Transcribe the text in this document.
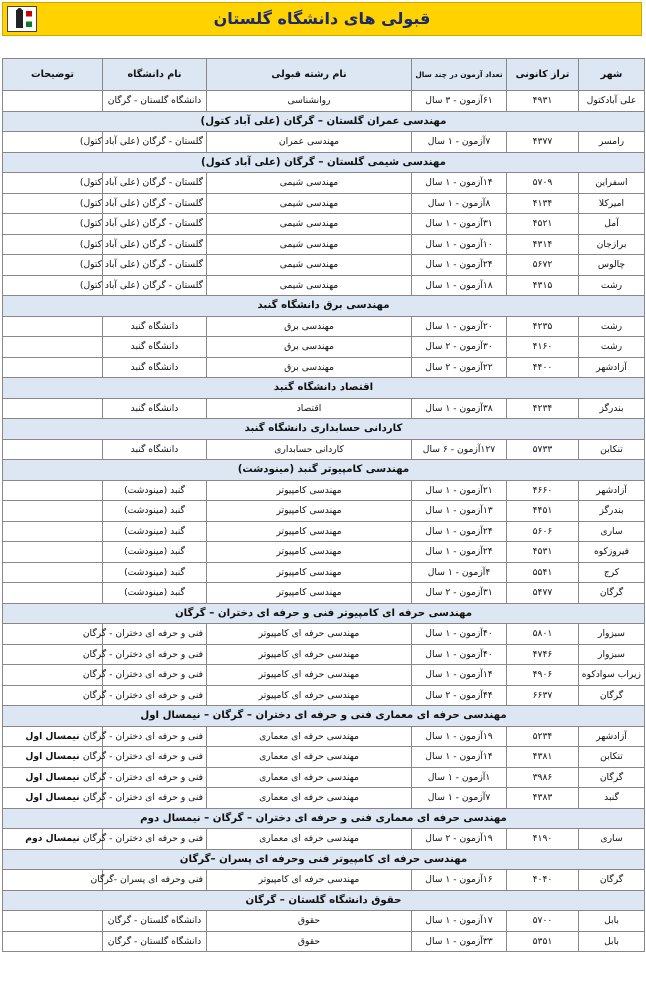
قبولی های دانشگاه گلستان
شهر	تراز کانونی	تعداد آزمون در چند سال	نام رشته قبولی	نام دانشگاه	توضیحات
علی آبادکتول	۴۹۳۱	۶۱آزمون - ۳ سال	روانشناسی	دانشگاه گلستان - گرگان	
مهندسی عمران گلستان – گرگان (علی آباد کتول)					
رامسر	۴۳۷۷	۷آزمون - ۱ سال	مهندسی عمران	گلستان - گرگان (علی آباد کتول)	
مهندسی شیمی گلستان – گرگان (علی آباد کتول)					
اسفراین	۵۷۰۹	۱۴آزمون - ۱ سال	مهندسی شیمی	گلستان - گرگان (علی آباد کتول)	
امیرکلا	۴۱۳۴	۸آزمون - ۱ سال	مهندسی شیمی	گلستان - گرگان (علی آباد کتول)	
آمل	۴۵۲۱	۳۱آزمون - ۱ سال	مهندسی شیمی	گلستان - گرگان (علی آباد کتول)	
برازجان	۴۳۱۴	۱۰آزمون - ۱ سال	مهندسی شیمی	گلستان - گرگان (علی آباد کتول)	
چالوس	۵۶۷۲	۲۴آزمون - ۱ سال	مهندسی شیمی	گلستان - گرگان (علی آباد کتول)	
رشت	۴۳۱۵	۱۸آزمون - ۱ سال	مهندسی شیمی	گلستان - گرگان (علی آباد کتول)	
مهندسی برق دانشگاه گنبد					
رشت	۴۲۳۵	۲۰آزمون - ۱ سال	مهندسی برق	دانشگاه گنبد	
رشت	۴۱۶۰	۳۰آزمون - ۲ سال	مهندسی برق	دانشگاه گنبد	
آزادشهر	۴۴۰۰	۲۲آزمون - ۲ سال	مهندسی برق	دانشگاه گنبد	
اقتصاد دانشگاه گنبد					
بندرگز	۴۲۳۴	۳۸آزمون - ۱ سال	اقتصاد	دانشگاه گنبد	
کاردانی حسابداری دانشگاه گنبد					
تنکابن	۵۷۳۳	۱۲۷آزمون - ۶ سال	کاردانی حسابداری	دانشگاه گنبد	
مهندسی کامپیوتر گنبد (مینودشت)					
آزادشهر	۴۶۶۰	۲۱آزمون - ۱ سال	مهندسی کامپیوتر	گنبد (مینودشت)	
بندرگز	۴۴۵۱	۱۳آزمون - ۱ سال	مهندسی کامپیوتر	گنبد (مینودشت)	
ساری	۵۶۰۶	۲۴آزمون - ۱ سال	مهندسی کامپیوتر	گنبد (مینودشت)	
فیروزکوه	۴۵۳۱	۲۴آزمون - ۱ سال	مهندسی کامپیوتر	گنبد (مینودشت)	
کرج	۵۵۴۱	۴آزمون - ۱ سال	مهندسی کامپیوتر	گنبد (مینودشت)	
گرگان	۵۴۷۷	۳۱آزمون - ۲ سال	مهندسی کامپیوتر	گنبد (مینودشت)	
مهندسی حرفه ای کامپیوتر فنی و حرفه ای دختران – گرگان					
سبزوار	۵۸۰۱	۴۰آزمون - ۱ سال	مهندسی حرفه ای کامپیوتر	فنی و حرفه ای دختران - گرگان	
سبزوار	۴۷۴۶	۴۰آزمون - ۱ سال	مهندسی حرفه ای کامپیوتر	فنی و حرفه ای دختران - گرگان	
زیراب سوادکوه	۴۹۰۶	۱۴آزمون - ۱ سال	مهندسی حرفه ای کامپیوتر	فنی و حرفه ای دختران - گرگان	
گرگان	۶۶۳۷	۴۴آزمون - ۲ سال	مهندسی حرفه ای کامپیوتر	فنی و حرفه ای دختران - گرگان	
مهندسی حرفه ای معماری فنی و حرفه ای دختران – گرگان – نیمسال اول					
آزادشهر	۵۲۳۴	۱۹آزمون - ۱ سال	مهندسی حرفه ای معماری	فنی و حرفه ای دختران - گرگان	نیمسال اول
تنکابن	۴۳۸۱	۱۴آزمون - ۱ سال	مهندسی حرفه ای معماری	فنی و حرفه ای دختران - گرگان	نیمسال اول
گرگان	۳۹۸۶	۱آزمون - ۱ سال	مهندسی حرفه ای معماری	فنی و حرفه ای دختران - گرگان	نیمسال اول
گنبد	۴۳۸۳	۷آزمون - ۱ سال	مهندسی حرفه ای معماری	فنی و حرفه ای دختران - گرگان	نیمسال اول
مهندسی حرفه ای معماری فنی و حرفه ای دختران – گرگان – نیمسال دوم					
ساری	۴۱۹۰	۱۹آزمون - ۲ سال	مهندسی حرفه ای معماری	فنی و حرفه ای دختران - گرگان	نیمسال دوم
مهندسی حرفه ای کامپیوتر فنی وحرفه ای پسران –گرگان					
گرگان	۴۰۴۰	۱۶آزمون - ۱ سال	مهندسی حرفه ای کامپیوتر	فنی وحرفه ای پسران -گرگان	
حقوق دانشگاه گلستان – گرگان					
بابل	۵۷۰۰	۱۷آزمون - ۱ سال	حقوق	دانشگاه گلستان - گرگان	
بابل	۵۳۵۱	۳۳آزمون - ۱ سال	حقوق	دانشگاه گلستان - گرگان	
